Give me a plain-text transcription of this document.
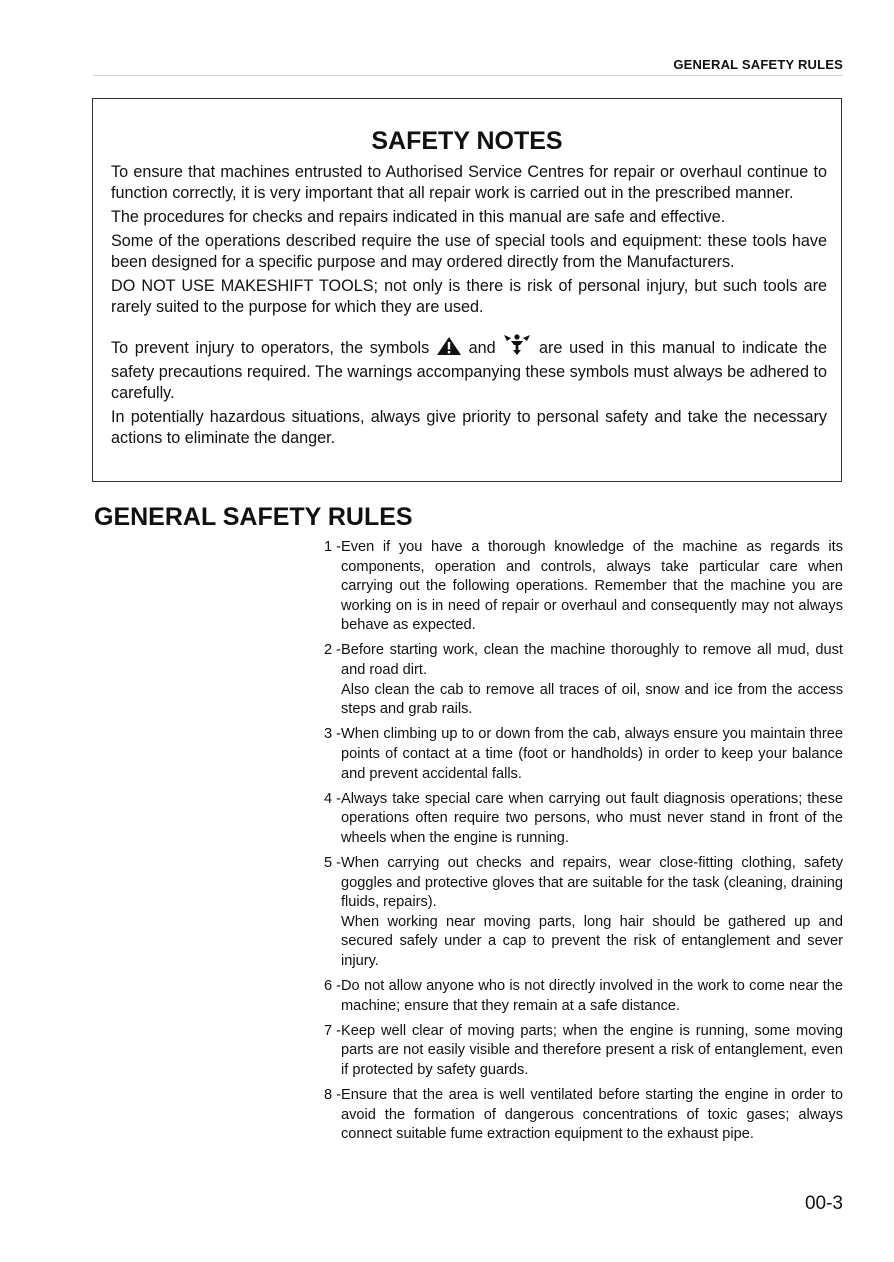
GENERAL SAFETY RULES
SAFETY NOTES

To ensure that machines entrusted to Authorised Service Centres for repair or overhaul continue to function correctly, it is very important that all repair work is carried out in the prescribed manner.

The procedures for checks and repairs indicated in this manual are safe and effective.

Some of the operations described require the use of special tools and equipment: these tools have been designed for a specific purpose and may ordered directly from the Manufacturers.

DO NOT USE MAKESHIFT TOOLS; not only is there is risk of personal injury, but such tools are rarely suited to the purpose for which they are used.

To prevent injury to operators, the symbols and	are used in this manual to indicate the safety precautions required. The warnings accompanying these symbols must always be adhered to carefully.

In potentially hazardous situations, always give priority to personal safety and take the necessary actions to eliminate the danger.

GENERAL SAFETY RULES
1 - Even if you have a thorough knowledge of the machine as regards its components, operation and controls, always take particular care when carrying out the following operations. Remember that the machine you are working on is in need of repair or overhaul and consequently may not always behave as expected.

2 - Before starting work, clean the machine thoroughly to remove all mud, dust and road dirt.

Also clean the cab to remove all traces of oil, snow and ice from the access steps and grab rails.

3 - When climbing up to or down from the cab, always ensure you maintain three points of contact at a time (foot or handholds) in order to keep your balance and prevent accidental falls.

4 - Always take special care when carrying out fault diagnosis operations; these operations often require two persons, who must never stand in front of the wheels when the engine is running.

5 - When carrying out checks and repairs, wear close-fitting clothing, safety goggles and protective gloves that are suitable for the task (cleaning, draining fluids, repairs).

When working near moving parts, long hair should be gathered up and secured safely under a cap to prevent the risk of entanglement and sever injury.

6 - Do not allow anyone who is not directly involved in the work to come near the machine; ensure that they remain at a safe distance.

7 - Keep well clear of moving parts; when the engine is running, some moving parts are not easily visible and therefore present a risk of entanglement, even if protected by safety guards.

8 - Ensure that the area is well ventilated before starting the engine in order to avoid the formation of dangerous concentrations of toxic gases; always connect suitable fume extraction equipment to the exhaust pipe.

00-3
